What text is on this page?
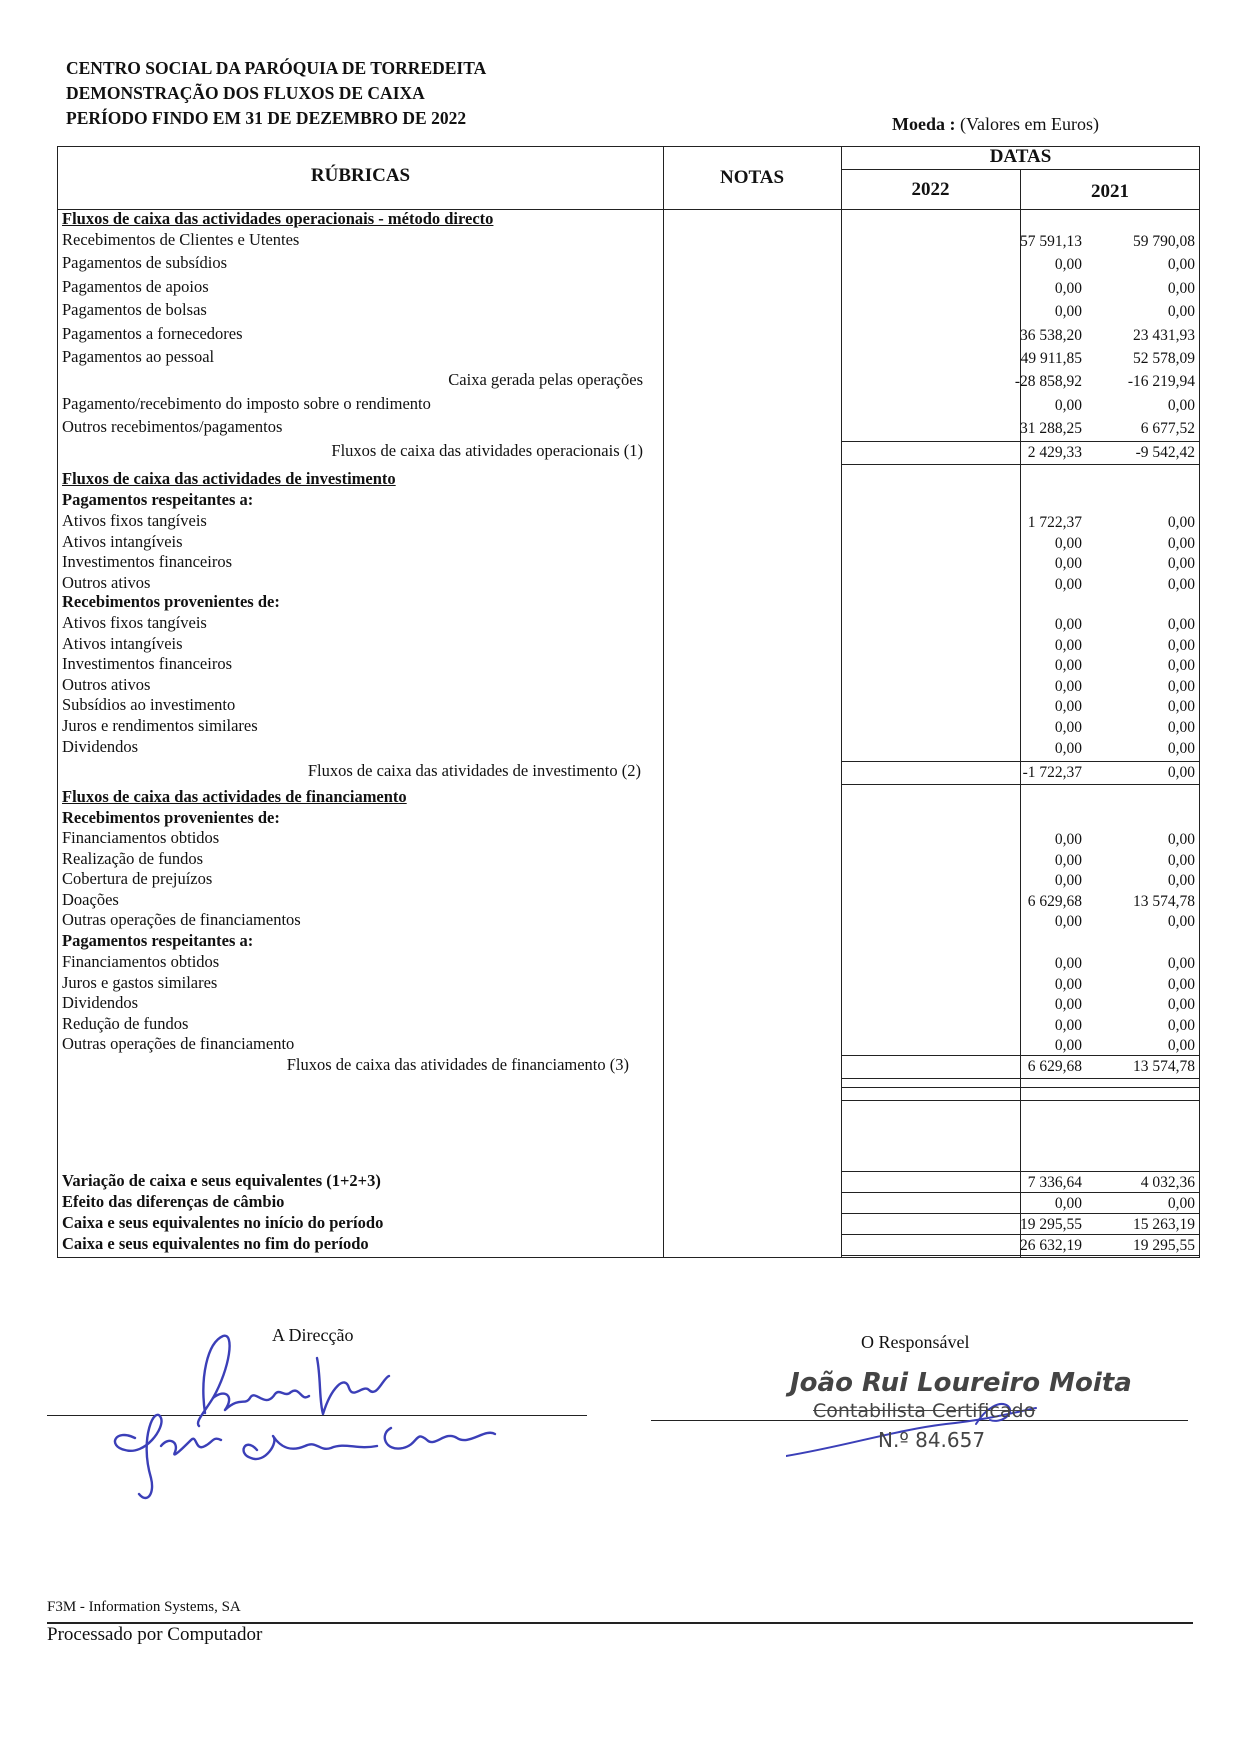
CENTRO SOCIAL DA PARÓQUIA DE TORREDEITA
DEMONSTRAÇÃO DOS FLUXOS DE CAIXA
PERÍODO FINDO EM 31 DE DEZEMBRO DE 2022	Moeda : (Valores em Euros)
RÚBRICAS	NOTAS
DATAS
2022	2021
Fluxos de caixa das actividades operacionais - método directo
Recebimentos de Clientes e Utentes	57 591,13	59 790,08
Pagamentos de subsídios	0,00	0,00
Pagamentos de apoios	0,00	0,00
Pagamentos de bolsas	0,00	0,00
Pagamentos a fornecedores	36 538,20	23 431,93
Pagamentos ao pessoal	49 911,85	52 578,09
Caixa gerada pelas operações	-28 858,92	-16 219,94
Pagamento/recebimento do imposto sobre o rendimento	0,00	0,00
Outros recebimentos/pagamentos	31 288,25	6 677,52
Fluxos de caixa das atividades operacionais (1)	2 429,33	-9 542,42
Fluxos de caixa das actividades de investimento
Pagamentos respeitantes a:
Ativos fixos tangíveis	1 722,37	0,00
Ativos intangíveis	0,00	0,00
Investimentos financeiros	0,00	0,00
Outros ativos	0,00	0,00
Recebimentos provenientes de:
Ativos fixos tangíveis	0,00	0,00
Ativos intangíveis	0,00	0,00
Investimentos financeiros	0,00	0,00
Outros ativos	0,00	0,00
Subsídios ao investimento	0,00	0,00
Juros e rendimentos similares	0,00	0,00
Dividendos	0,00	0,00
Fluxos de caixa das atividades de investimento (2)	-1 722,37	0,00
Fluxos de caixa das actividades de financiamento
Recebimentos provenientes de:
Financiamentos obtidos	0,00	0,00
Realização de fundos	0,00	0,00
Cobertura de prejuízos	0,00	0,00
Doações	6 629,68	13 574,78
Outras operações de financiamentos	0,00	0,00
Pagamentos respeitantes a:
Financiamentos obtidos	0,00	0,00
Juros e gastos similares	0,00	0,00
Dividendos	0,00	0,00
Redução de fundos	0,00	0,00
Outras operações de financiamento	0,00	0,00
Fluxos de caixa das atividades de financiamento (3)	6 629,68	13 574,78
Variação de caixa e seus equivalentes (1+2+3)	7 336,64	4 032,36
Efeito das diferenças de câmbio	0,00	0,00
Caixa e seus equivalentes no início do período	19 295,55	15 263,19
Caixa e seus equivalentes no fim do período	26 632,19	19 295,55
A Direcção	O Responsável
João Rui Loureiro Moita
Contabilista Certificado
N.º 84.657
F3M - Information Systems, SA
Processado por Computador
